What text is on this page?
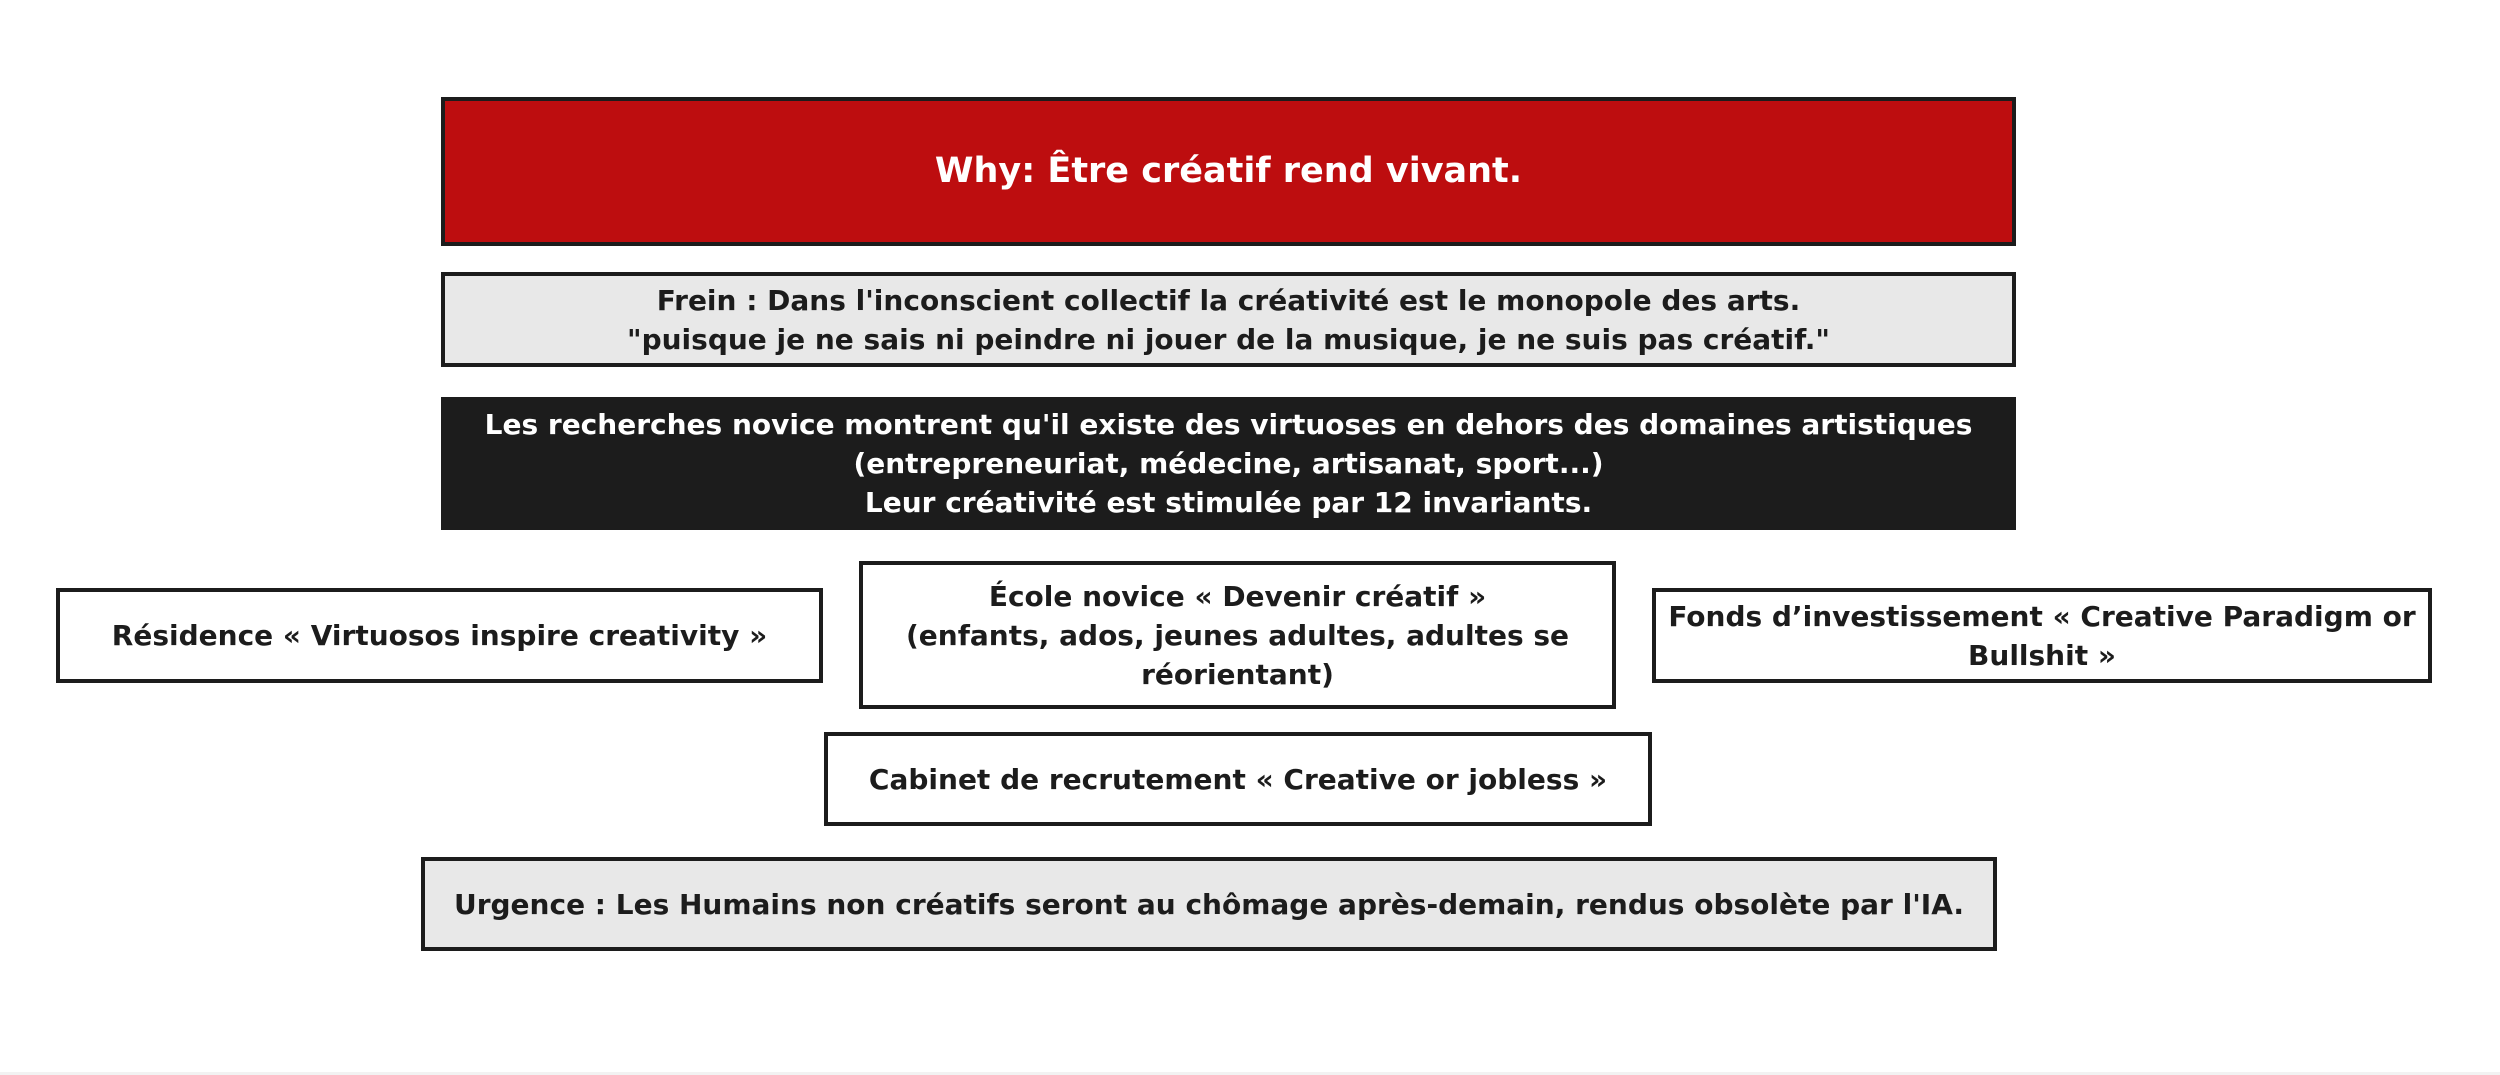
Why: Être créatif rend vivant.
Frein : Dans l'inconscient collectif la créativité est le monopole des arts.
"puisque je ne sais ni peindre ni jouer de la musique, je ne suis pas créatif."
Les recherches novice montrent qu'il existe des virtuoses en dehors des domaines artistiques
(entrepreneuriat, médecine, artisanat, sport...)
Leur créativité est stimulée par 12 invariants.
Résidence « Virtuosos inspire creativity »
École novice « Devenir créatif »
(enfants, ados, jeunes adultes, adultes se
réorientant)
Fonds d’investissement « Creative Paradigm or
Bullshit »
Cabinet de recrutement « Creative or jobless »
Urgence : Les Humains non créatifs seront au chômage après-demain, rendus obsolète par l'IA.
